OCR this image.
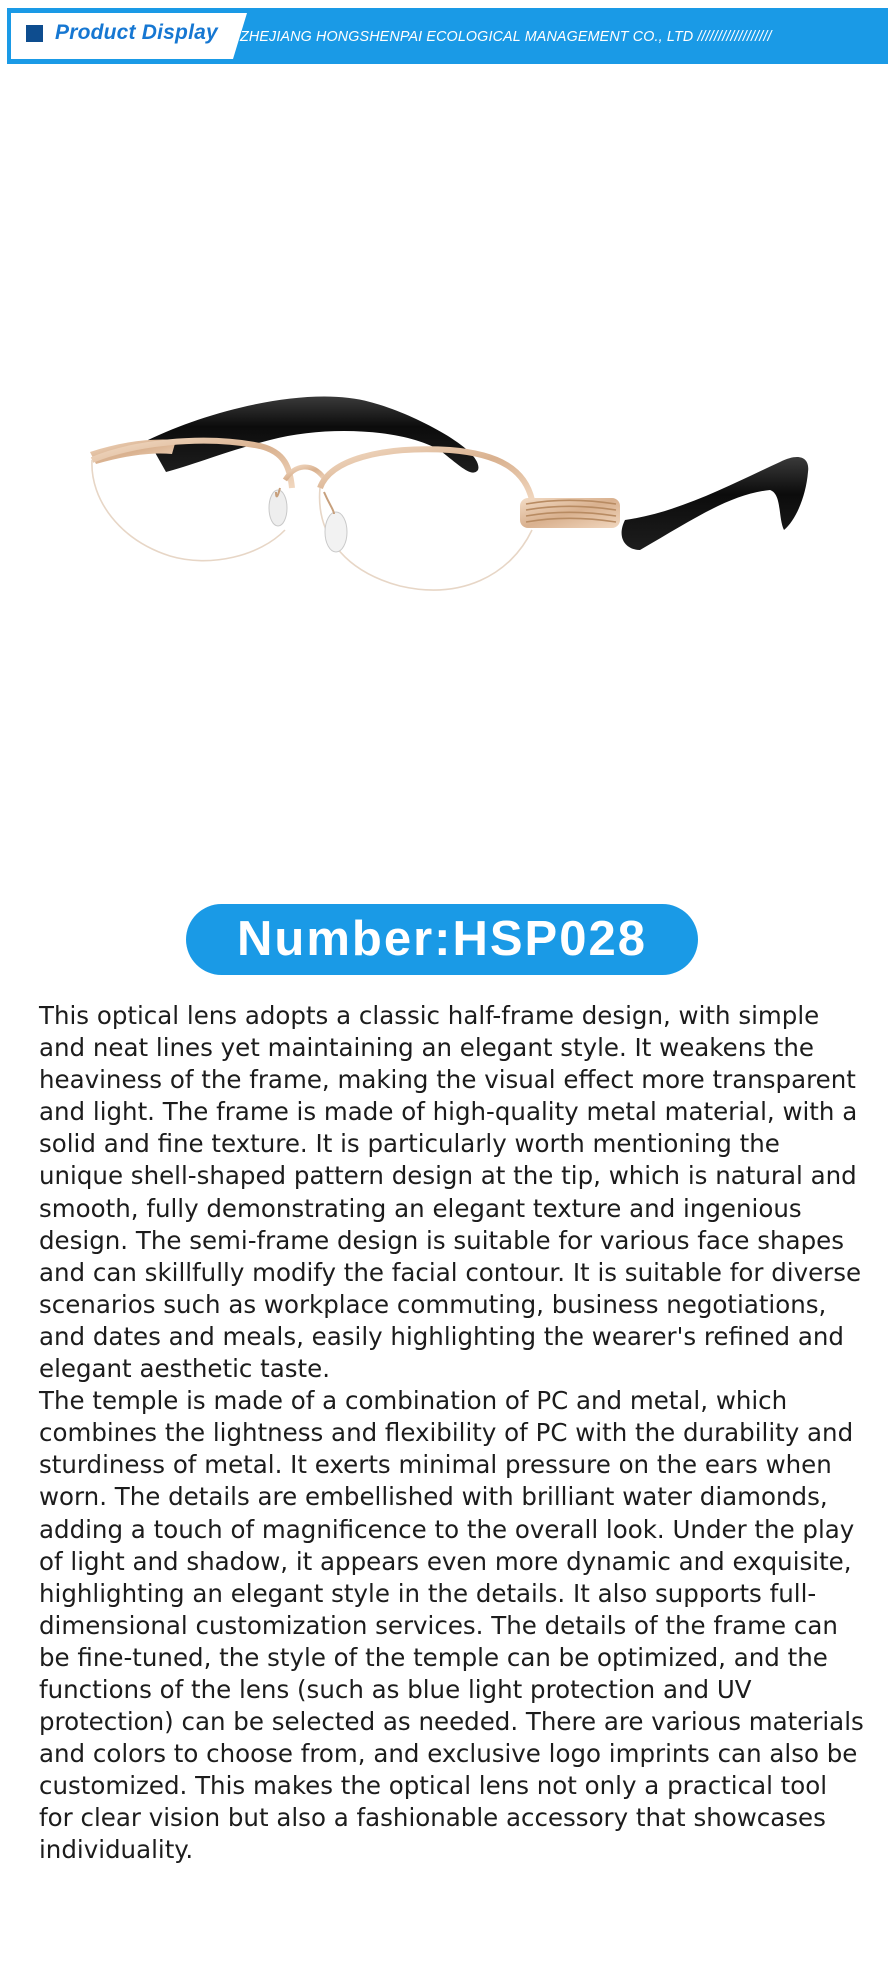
Product Display ZHEJIANG HONGSHENPAI ECOLOGICAL MANAGEMENT CO., LTD //////////////////
Number:HSP028

This optical lens adopts a classic half-frame design, with simple and neat lines yet maintaining an elegant style. It weakens the heaviness of the frame, making the visual effect more transparent and light. The frame is made of high-quality metal material, with a solid and fine texture. It is particularly worth mentioning the unique shell-shaped pattern design at the tip, which is natural and smooth, fully demonstrating an elegant texture and ingenious design. The semi-frame design is suitable for various face shapes and can skillfully modify the facial contour. It is suitable for diverse scenarios such as workplace commuting, business negotiations, and dates and meals, easily highlighting the wearer's refined and elegant aesthetic taste.

The temple is made of a combination of PC and metal, which combines the lightness and flexibility of PC with the durability and sturdiness of metal. It exerts minimal pressure on the ears when worn. The details are embellished with brilliant water diamonds, adding a touch of magnificence to the overall look. Under the play of light and shadow, it appears even more dynamic and exquisite, highlighting an elegant style in the details. It also supports full-dimensional customization services. The details of the frame can be fine-tuned, the style of the temple can be optimized, and the functions of the lens (such as blue light protection and UV protection) can be selected as needed. There are various materials and colors to choose from, and exclusive logo imprints can also be customized. This makes the optical lens not only a practical tool for clear vision but also a fashionable accessory that showcases individuality.
